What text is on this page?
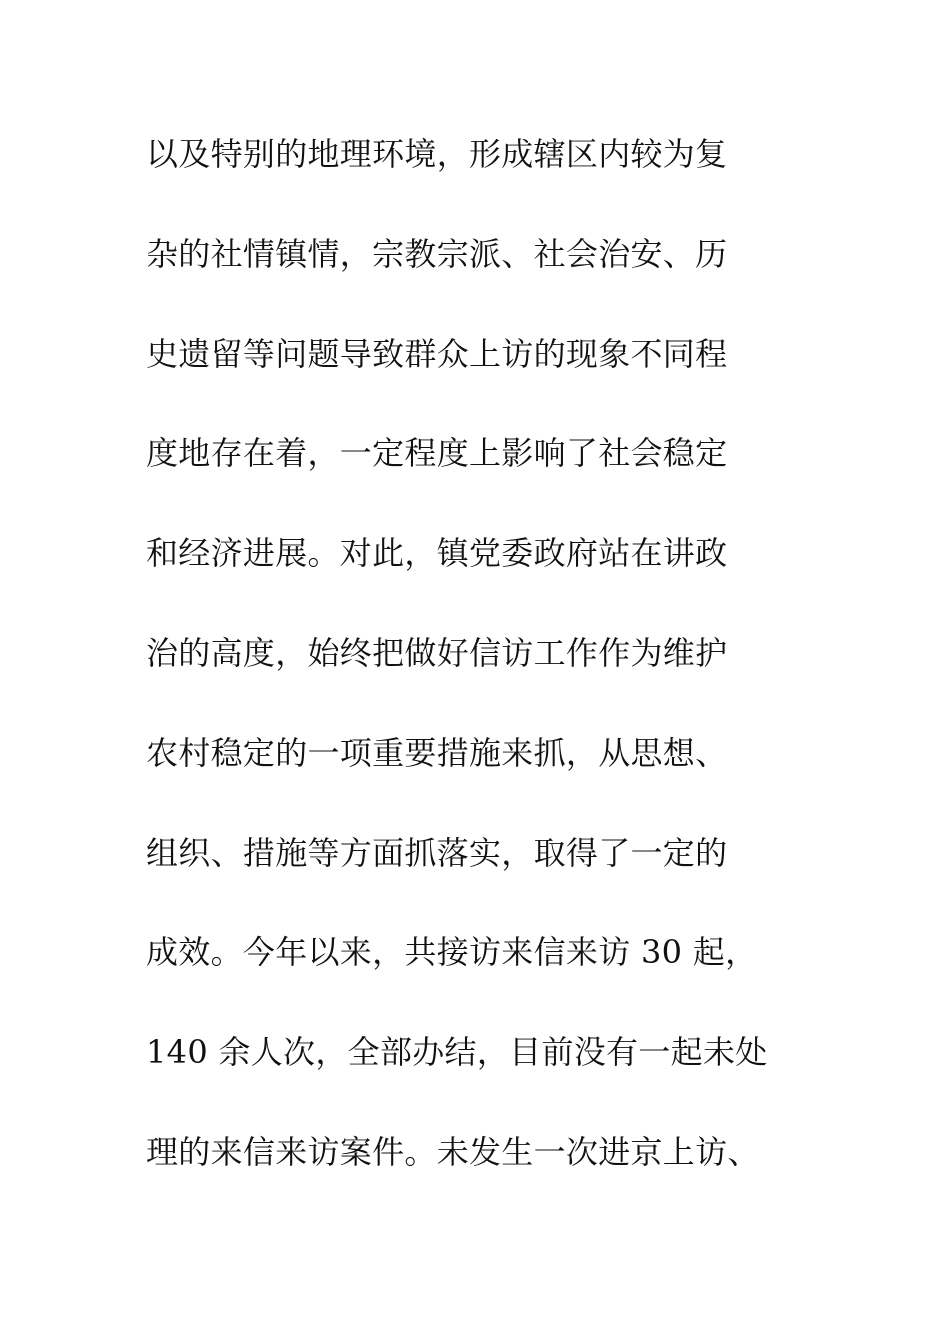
以及特别的地理环境，形成辖区内较为复
杂的社情镇情，宗教宗派、社会治安、历
史遗留等问题导致群众上访的现象不同程
度地存在着，一定程度上影响了社会稳定
和经济进展。对此，镇党委政府站在讲政
治的高度，始终把做好信访工作作为维护
农村稳定的一项重要措施来抓，从思想、
组织、措施等方面抓落实，取得了一定的
成效。今年以来，共接访来信来访 30 起，
140 余人次，全部办结，目前没有一起未处
理的来信来访案件。未发生一次进京上访、
